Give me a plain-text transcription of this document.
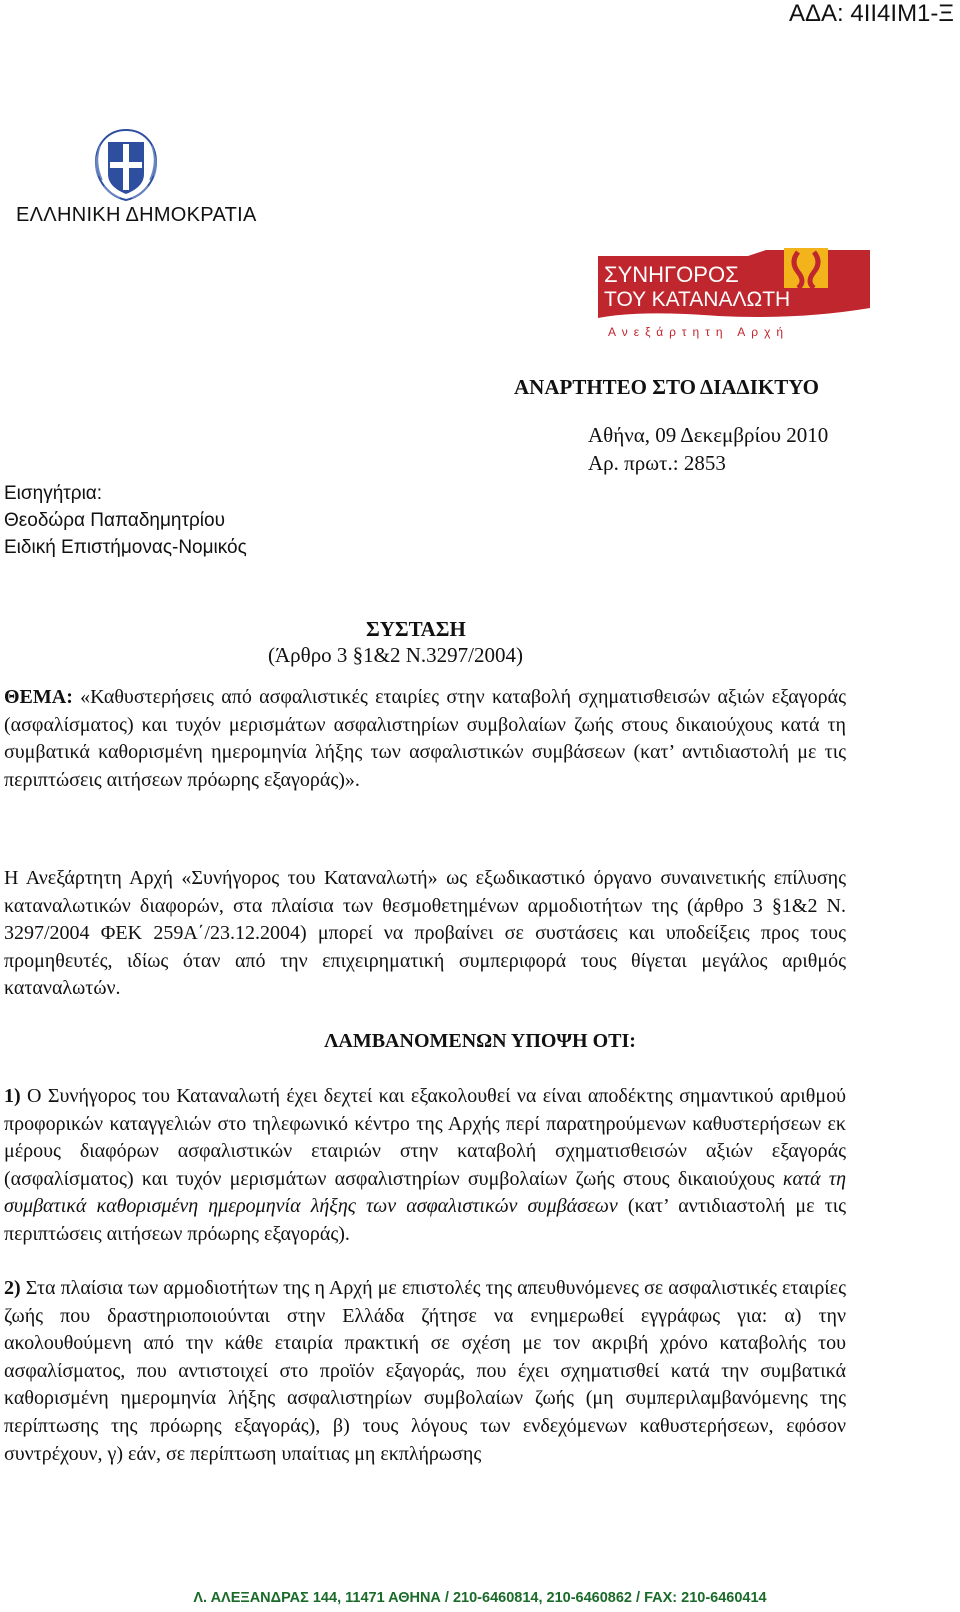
ΑΔΑ: 4ΙΙ4ΙΜ1-Ξ
ΕΛΛΗΝΙΚΗ ΔΗΜΟΚΡΑΤΙΑ
ΣΥΝΗΓΟΡΟΣ
ΤΟΥ ΚΑΤΑΝΑΛΩΤΗ
Ανεξάρτητη Αρχή
ΑΝΑΡΤΗΤΕΟ ΣΤΟ ΔΙΑΔΙΚΤΥΟ
Αθήνα, 09 Δεκεμβρίου 2010
Αρ. πρωτ.: 2853
Εισηγήτρια:
Θεοδώρα Παπαδημητρίου
Ειδική Επιστήμονας-Νομικός
ΣΥΣΤΑΣΗ
(Άρθρο 3 §1&2 Ν.3297/2004)

ΘΕΜΑ: «Καθυστερήσεις από ασφαλιστικές εταιρίες στην καταβολή σχηματισθεισών αξιών εξαγοράς (ασφαλίσματος) και τυχόν μερισμάτων ασφαλιστηρίων συμβολαίων ζωής στους δικαιούχους κατά τη συμβατικά καθορισμένη ημερομηνία λήξης των ασφαλιστικών συμβάσεων (κατ’ αντιδιαστολή με τις περιπτώσεις αιτήσεων πρόωρης εξαγοράς)».

Η Ανεξάρτητη Αρχή «Συνήγορος του Καταναλωτή» ως εξωδικαστικό όργανο συναινετικής επίλυσης καταναλωτικών διαφορών, στα πλαίσια των θεσμοθετημένων αρμοδιοτήτων της (άρθρο 3 §1&2 Ν. 3297/2004 ΦΕΚ 259Α΄/23.12.2004) μπορεί να προβαίνει σε συστάσεις και υποδείξεις προς τους προμηθευτές, ιδίως όταν από την επιχειρηματική συμπεριφορά τους θίγεται μεγάλος αριθμός καταναλωτών.

ΛΑΜΒΑΝΟΜΕΝΩΝ ΥΠΟΨΗ ΟΤΙ:

1) Ο Συνήγορος του Καταναλωτή έχει δεχτεί και εξακολουθεί να είναι αποδέκτης σημαντικού αριθμού προφορικών καταγγελιών στο τηλεφωνικό κέντρο της Αρχής περί παρατηρούμενων καθυστερήσεων εκ μέρους διαφόρων ασφαλιστικών εταιριών στην καταβολή σχηματισθεισών αξιών εξαγοράς (ασφαλίσματος) και τυχόν μερισμάτων ασφαλιστηρίων συμβολαίων ζωής στους δικαιούχους κατά τη συμβατικά καθορισμένη ημερομηνία λήξης των ασφαλιστικών συμβάσεων (κατ’ αντιδιαστολή με τις περιπτώσεις αιτήσεων πρόωρης εξαγοράς).

2) Στα πλαίσια των αρμοδιοτήτων της η Αρχή με επιστολές της απευθυνόμενες σε ασφαλιστικές εταιρίες ζωής που δραστηριοποιούνται στην Ελλάδα ζήτησε να ενημερωθεί εγγράφως για: α) την ακολουθούμενη από την κάθε εταιρία πρακτική σε σχέση με τον ακριβή χρόνο καταβολής του ασφαλίσματος, που αντιστοιχεί στο προϊόν εξαγοράς, που έχει σχηματισθεί κατά την συμβατικά καθορισμένη ημερομηνία λήξης ασφαλιστηρίων συμβολαίων ζωής (μη συμπεριλαμβανόμενης της περίπτωσης της πρόωρης εξαγοράς), β) τους λόγους των ενδεχόμενων καθυστερήσεων, εφόσον συντρέχουν, γ) εάν, σε περίπτωση υπαίτιας μη εκπλήρωσης

Λ. ΑΛΕΞΑΝΔΡΑΣ 144, 11471 ΑΘΗΝΑ / 210-6460814, 210-6460862 / FAX: 210-6460414
